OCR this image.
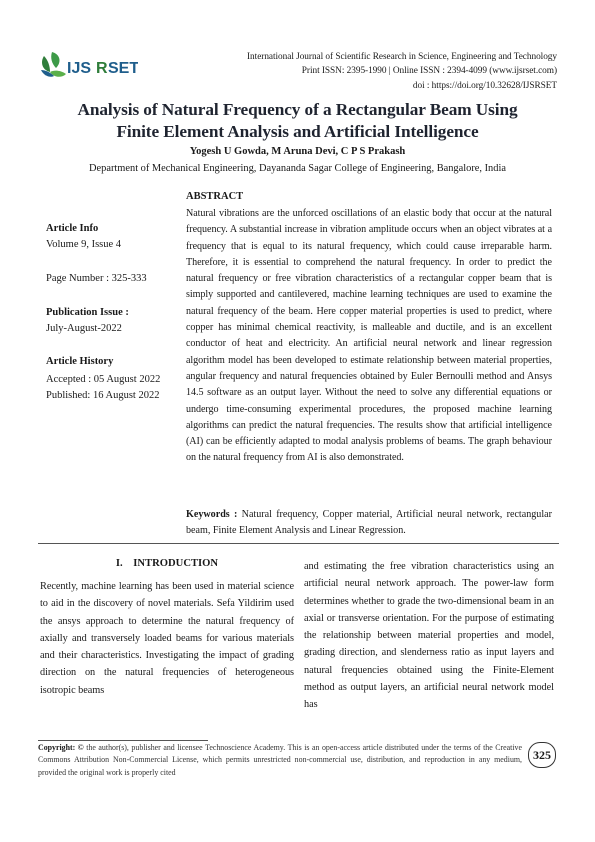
IJS R SET
International Journal of Scientific Research in Science, Engineering and Technology
Print ISSN: 2395-1990 | Online ISSN : 2394-4099 (www.ijsrset.com)
doi : https://doi.org/10.32628/IJSRSET
Analysis of Natural Frequency of a Rectangular Beam Using
Finite Element Analysis and Artificial Intelligence
Yogesh U Gowda, M Aruna Devi, C P S Prakash
Department of Mechanical Engineering, Dayananda Sagar College of Engineering, Bangalore, India
Article Info
Volume 9, Issue 4
Page Number : 325-333
Publication Issue :
July-August-2022
Article History
Accepted : 05 August 2022
Published: 16 August 2022
ABSTRACT
Natural vibrations are the unforced oscillations of an elastic body that occur at the natural frequency. A substantial increase in vibration amplitude occurs when an object vibrates at a frequency that is equal to its natural frequency, which could cause irreparable harm. Therefore, it is essential to comprehend the natural frequency. In order to predict the natural frequency or free vibration characteristics of a rectangular copper beam that is simply supported and cantilevered, machine learning techniques are used to examine the natural frequency of the beam. Here copper material properties is used to predict, where copper has minimal chemical reactivity, is malleable and ductile, and is an excellent conductor of heat and electricity. An artificial neural network and linear regression algorithm model has been developed to estimate relationship between material properties, angular frequency and natural frequencies obtained by Euler Bernoulli method and Ansys 14.5 software as an output layer. Without the need to solve any differential equations or undergo time-consuming experimental procedures, the proposed machine learning algorithms can predict the natural frequencies. The results show that artificial intelligence (AI) can be efficiently adapted to modal analysis problems of beams. The graph behaviour on the natural frequency from AI is also demonstrated.
Keywords : Natural frequency, Copper material, Artificial neural network, rectangular beam, Finite Element Analysis and Linear Regression.
I.    INTRODUCTION
Recently, machine learning has been used in material science to aid in the discovery of novel materials. Sefa Yildirim used the ansys approach to determine the natural frequency of axially and transversely loaded beams for various materials and their characteristics. Investigating the impact of grading direction on the natural frequencies of heterogeneous isotropic beams
and estimating the free vibration characteristics using an artificial neural network approach. The power-law form determines whether to grade the two-dimensional beam in an axial or transverse orientation. For the purpose of estimating the relationship between material properties and model, grading direction, and slenderness ratio as input layers and natural frequencies obtained using the Finite-Element method as output layers, an artificial neural network model has
Copyright: © the author(s), publisher and licensee Technoscience Academy. This is an open-access article distributed under the terms of the Creative Commons Attribution Non-Commercial License, which permits unrestricted non-commercial use, distribution, and reproduction in any medium, provided the original work is properly cited
325
